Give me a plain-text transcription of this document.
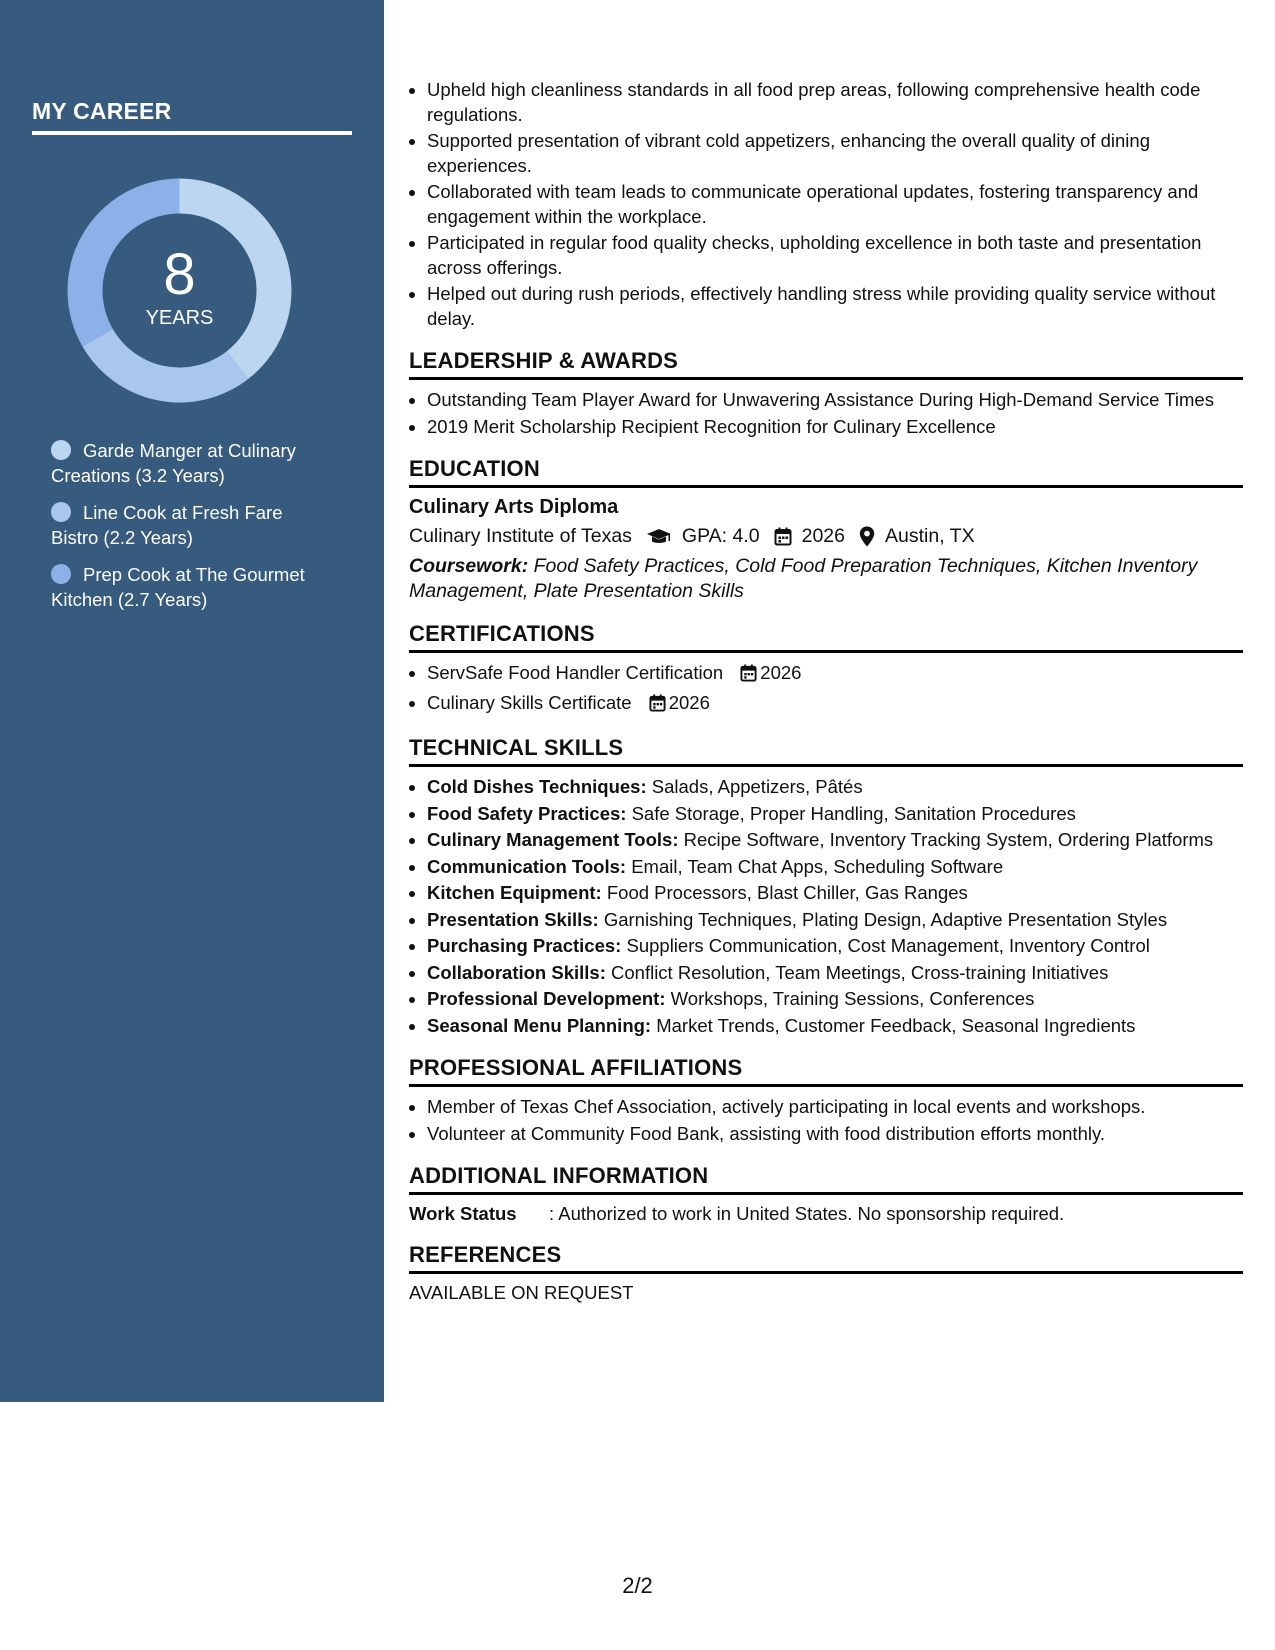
MY CAREER
8
YEARS
Garde Manger at Culinary Creations (3.2 Years)
Line Cook at Fresh Fare Bistro (2.2 Years)
Prep Cook at The Gourmet Kitchen (2.7 Years)
• Upheld high cleanliness standards in all food prep areas, following comprehensive health code regulations.
• Supported presentation of vibrant cold appetizers, enhancing the overall quality of dining experiences.
• Collaborated with team leads to communicate operational updates, fostering transparency and engagement within the workplace.
• Participated in regular food quality checks, upholding excellence in both taste and presentation across offerings.
• Helped out during rush periods, effectively handling stress while providing quality service without delay.
LEADERSHIP & AWARDS
• Outstanding Team Player Award for Unwavering Assistance During High-Demand Service Times
• 2019 Merit Scholarship Recipient Recognition for Culinary Excellence
EDUCATION
Culinary Arts Diploma
Culinary Institute of Texas	GPA: 4.0 2026 Austin, TX
Coursework: Food Safety Practices, Cold Food Preparation Techniques, Kitchen Inventory Management, Plate Presentation Skills
CERTIFICATIONS
• ServSafe Food Handler Certification 2026
• Culinary Skills Certificate 2026
TECHNICAL SKILLS
• Cold Dishes Techniques: Salads, Appetizers, Pâtés
• Food Safety Practices: Safe Storage, Proper Handling, Sanitation Procedures
• Culinary Management Tools: Recipe Software, Inventory Tracking System, Ordering Platforms
• Communication Tools: Email, Team Chat Apps, Scheduling Software
• Kitchen Equipment: Food Processors, Blast Chiller, Gas Ranges
• Presentation Skills: Garnishing Techniques, Plating Design, Adaptive Presentation Styles
• Purchasing Practices: Suppliers Communication, Cost Management, Inventory Control
• Collaboration Skills: Conflict Resolution, Team Meetings, Cross-training Initiatives
• Professional Development: Workshops, Training Sessions, Conferences
• Seasonal Menu Planning: Market Trends, Customer Feedback, Seasonal Ingredients
PROFESSIONAL AFFILIATIONS
• Member of Texas Chef Association, actively participating in local events and workshops.
• Volunteer at Community Food Bank, assisting with food distribution efforts monthly.
ADDITIONAL INFORMATION
Work Status	: Authorized to work in United States. No sponsorship required.
REFERENCES
AVAILABLE ON REQUEST
2/2
